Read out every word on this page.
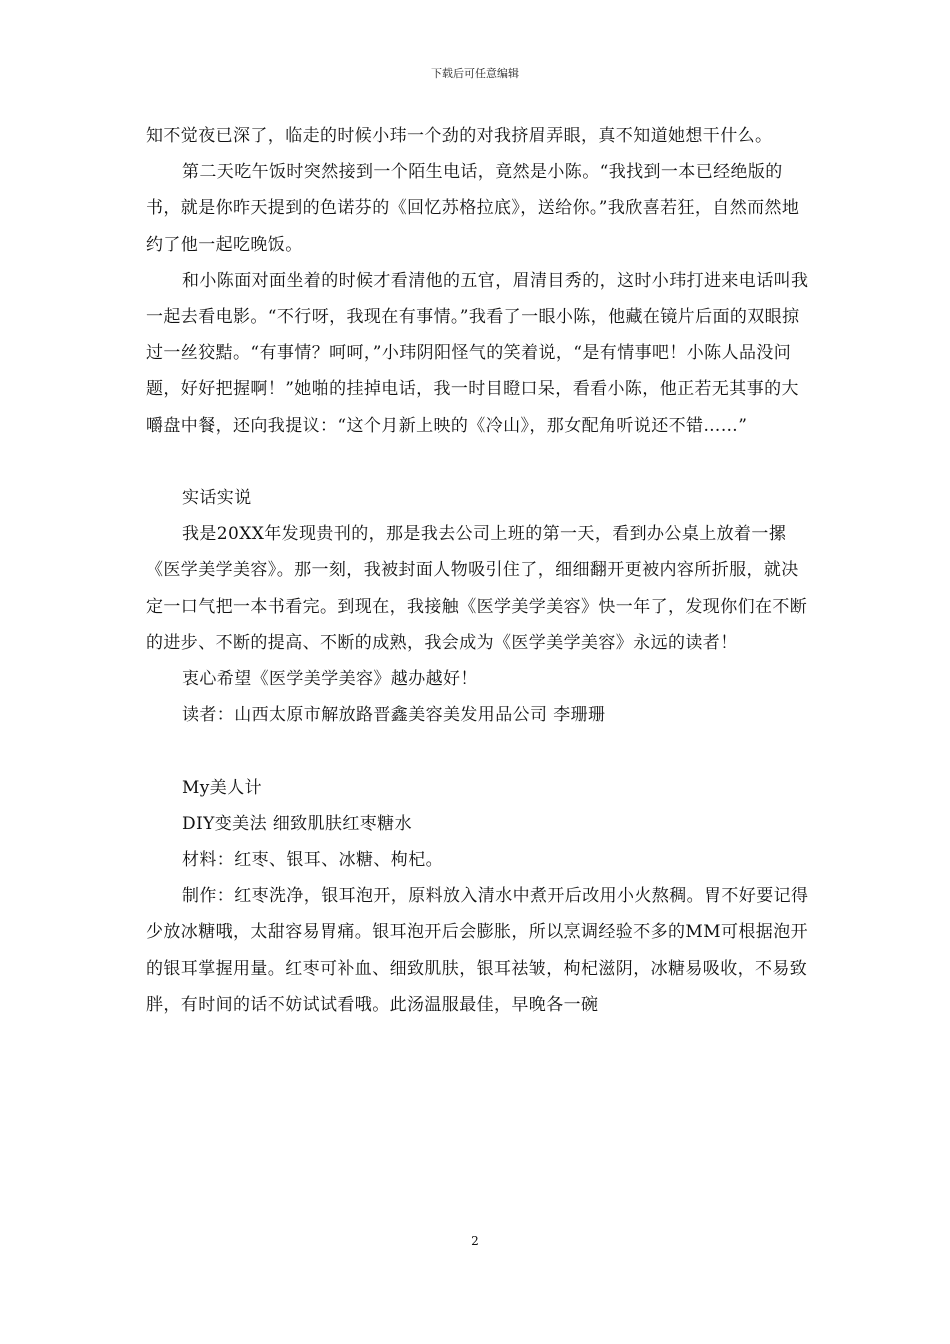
下载后可任意编辑

知不觉夜已深了，临走的时候小玮一个劲的对我挤眉弄眼，真不知道她想干什么。

第二天吃午饭时突然接到一个陌生电话，竟然是小陈。“我找到一本已经绝版的书，就是你昨天提到的色诺芬的《回忆苏格拉底》，送给你。”我欣喜若狂，自然而然地约了他一起吃晚饭。

和小陈面对面坐着的时候才看清他的五官，眉清目秀的，这时小玮打进来电话叫我一起去看电影。“不行呀，我现在有事情。”我看了一眼小陈，他藏在镜片后面的双眼掠过一丝狡黠。“有事情？呵呵，”小玮阴阳怪气的笑着说，“是有情事吧！小陈人品没问题，好好把握啊！”她啪的挂掉电话，我一时目瞪口呆，看看小陈，他正若无其事的大嚼盘中餐，还向我提议：“这个月新上映的《冷山》，那女配角听说还不错……”

实话实说

我是20XX年发现贵刊的，那是我去公司上班的第一天，看到办公桌上放着一摞《医学美学美容》。那一刻，我被封面人物吸引住了，细细翻开更被内容所折服，就决定一口气把一本书看完。到现在，我接触《医学美学美容》快一年了，发现你们在不断的进步、不断的提高、不断的成熟，我会成为《医学美学美容》永远的读者！

衷心希望《医学美学美容》越办越好！

读者：山西太原市解放路晋鑫美容美发用品公司 李珊珊

My美人计

DIY变美法 细致肌肤红枣糖水

材料：红枣、银耳、冰糖、枸杞。

制作：红枣洗净，银耳泡开，原料放入清水中煮开后改用小火熬稠。胃不好要记得少放冰糖哦，太甜容易胃痛。银耳泡开后会膨胀，所以烹调经验不多的MM可根据泡开的银耳掌握用量。红枣可补血、细致肌肤，银耳祛皱，枸杞滋阴，冰糖易吸收，不易致胖，有时间的话不妨试试看哦。此汤温服最佳，早晚各一碗

2
